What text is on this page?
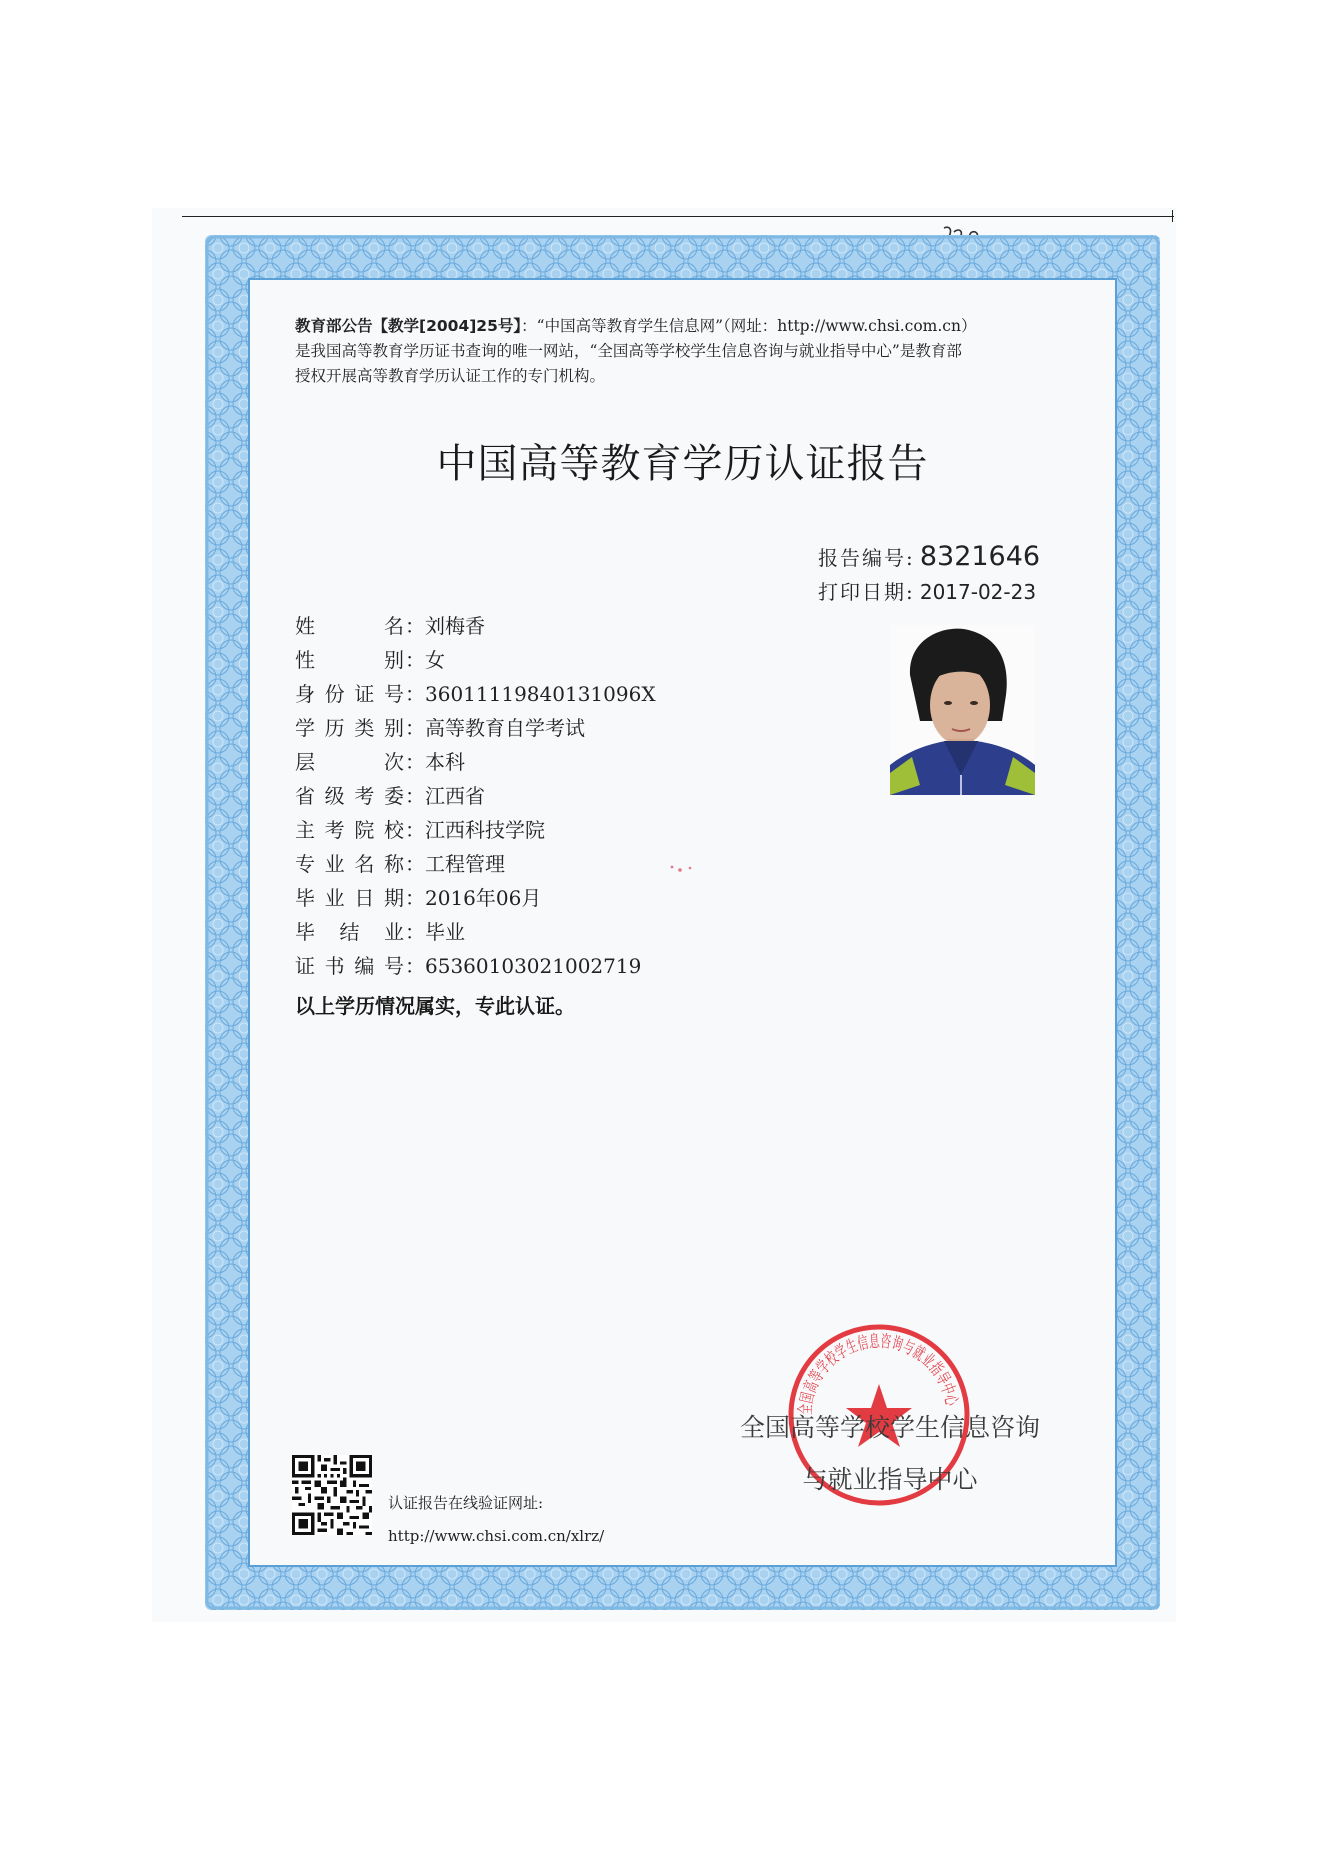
教育部公告【教学[2004]25号】：“中国高等教育学生信息网”（网址：http://www.chsi.com.cn）
是我国高等教育学历证书查询的唯一网站，“全国高等学校学生信息咨询与就业指导中心”是教育部
授权开展高等教育学历认证工作的专门机构。
中国高等教育学历认证报告
报告编号: 8321646
打印日期: 2017-02-23
姓　　名：刘梅香
性　　别：女
身份证号：36011119840131096X
学历类别：高等教育自学考试
层　　次：本科
省级考委：江西省
主考院校：江西科技学院
专业名称：工程管理
毕业日期：2016年06月
毕 结 业：毕业
证书编号：65360103021002719
以上学历情况属实，专此认证。
认证报告在线验证网址:
http://www.chsi.com.cn/xlrz/
全国高等学校学生信息咨询与就业指导中心
全国高等学校学生信息咨询
与就业指导中心
